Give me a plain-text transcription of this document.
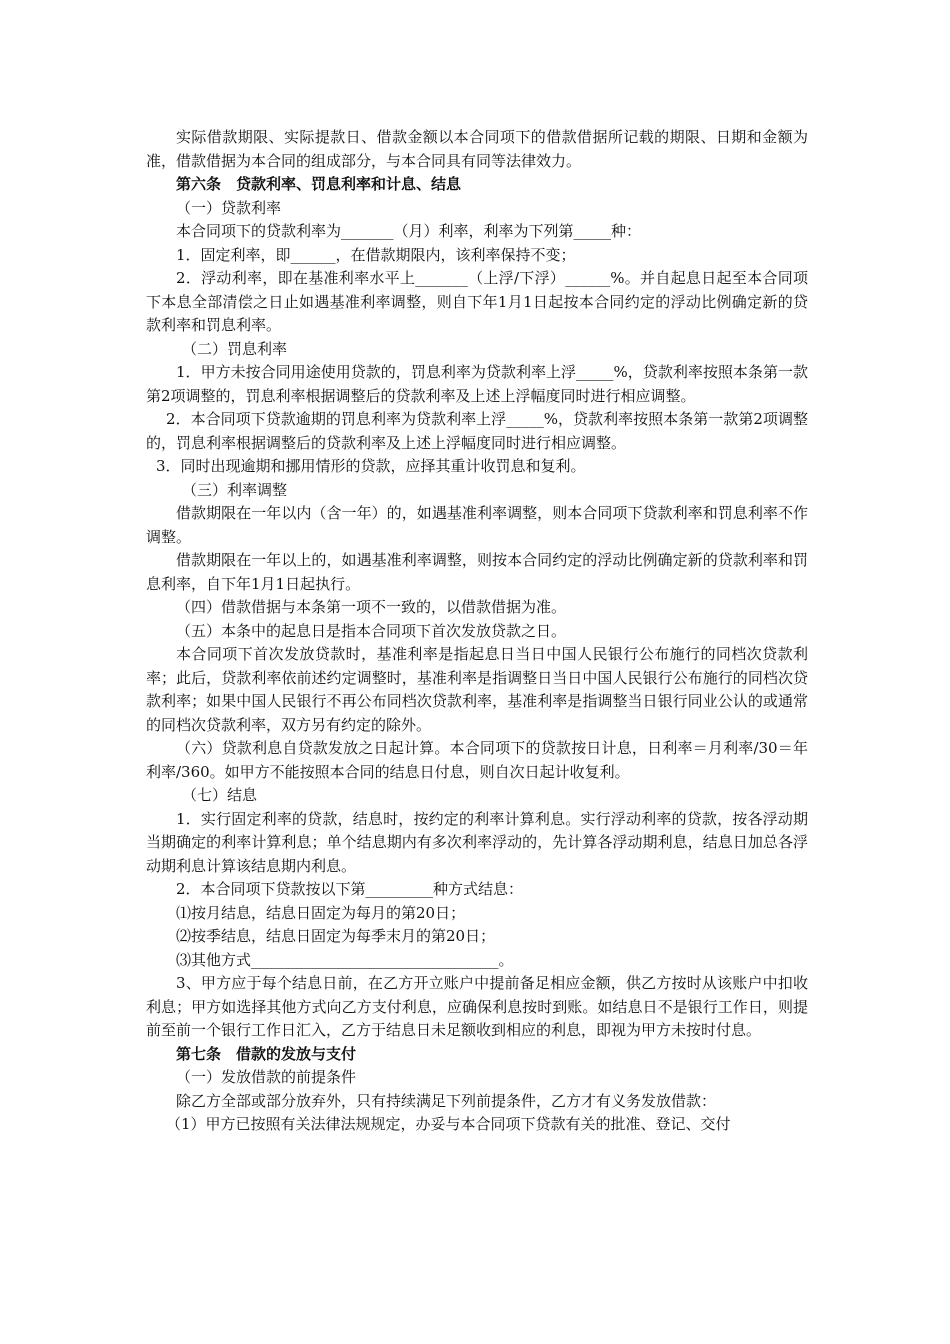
实际借款期限、实际提款日、借款金额以本合同项下的借款借据所记载的期限、日期和金额为准，借款借据为本合同的组成部分，与本合同具有同等法律效力。

第六条　贷款利率、罚息利率和计息、结息

（一）贷款利率

本合同项下的贷款利率为_______（月）利率，利率为下列第_____种：

1．固定利率，即______，在借款期限内，该利率保持不变；

2．浮动利率，即在基准利率水平上_______（上浮/下浮）______%。并自起息日起至本合同项下本息全部清偿之日止如遇基准利率调整，则自下年1月1日起按本合同约定的浮动比例确定新的贷款利率和罚息利率。

（二）罚息利率

1．甲方未按合同用途使用贷款的，罚息利率为贷款利率上浮_____%，贷款利率按照本条第一款第2项调整的，罚息利率根据调整后的贷款利率及上述上浮幅度同时进行相应调整。

2．本合同项下贷款逾期的罚息利率为贷款利率上浮_____%，贷款利率按照本条第一款第2项调整的，罚息利率根据调整后的贷款利率及上述上浮幅度同时进行相应调整。

3．同时出现逾期和挪用情形的贷款，应择其重计收罚息和复利。

（三）利率调整

借款期限在一年以内（含一年）的，如遇基准利率调整，则本合同项下贷款利率和罚息利率不作调整。

借款期限在一年以上的，如遇基准利率调整，则按本合同约定的浮动比例确定新的贷款利率和罚息利率，自下年1月1日起执行。

（四）借款借据与本条第一项不一致的，以借款借据为准。

（五）本条中的起息日是指本合同项下首次发放贷款之日。

本合同项下首次发放贷款时，基准利率是指起息日当日中国人民银行公布施行的同档次贷款利率；此后，贷款利率依前述约定调整时，基准利率是指调整日当日中国人民银行公布施行的同档次贷款利率；如果中国人民银行不再公布同档次贷款利率，基准利率是指调整当日银行同业公认的或通常的同档次贷款利率，双方另有约定的除外。

（六）贷款利息自贷款发放之日起计算。本合同项下的贷款按日计息，日利率＝月利率/30＝年利率/360。如甲方不能按照本合同的结息日付息，则自次日起计收复利。

（七）结息

1．实行固定利率的贷款，结息时，按约定的利率计算利息。实行浮动利率的贷款，按各浮动期当期确定的利率计算利息；单个结息期内有多次利率浮动的，先计算各浮动期利息，结息日加总各浮动期利息计算该结息期内利息。

2．本合同项下贷款按以下第_________种方式结息：

⑴按月结息，结息日固定为每月的第20日；

⑵按季结息，结息日固定为每季末月的第20日；

⑶其他方式_________________________________。

3、甲方应于每个结息日前，在乙方开立账户中提前备足相应金额，供乙方按时从该账户中扣收利息；甲方如选择其他方式向乙方支付利息，应确保利息按时到账。如结息日不是银行工作日，则提前至前一个银行工作日汇入，乙方于结息日未足额收到相应的利息，即视为甲方未按时付息。

第七条　借款的发放与支付

（一）发放借款的前提条件

除乙方全部或部分放弃外，只有持续满足下列前提条件，乙方才有义务发放借款：

（1）甲方已按照有关法律法规规定，办妥与本合同项下贷款有关的批准、登记、交付
